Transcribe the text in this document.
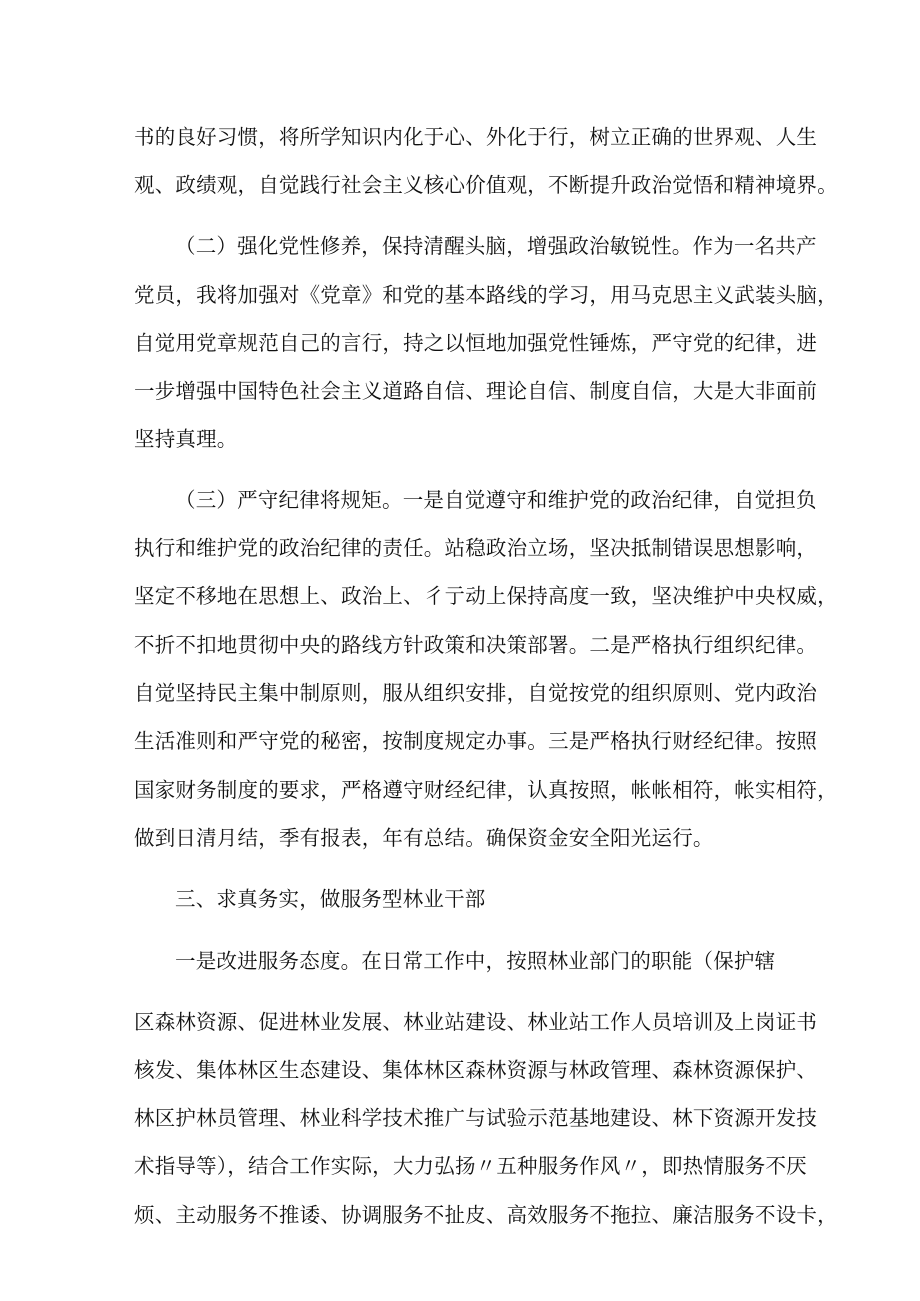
书的良好习惯，将所学知识内化于心、外化于行，树立正确的世界观、人生
观、政绩观，自觉践行社会主义核心价值观，不断提升政治觉悟和精神境界。
（二）强化党性修养，保持清醒头脑，增强政治敏锐性。作为一名共产
党员，我将加强对《党章》和党的基本路线的学习，用马克思主义武装头脑，
自觉用党章规范自己的言行，持之以恒地加强党性锤炼，严守党的纪律，进
一步增强中国特色社会主义道路自信、理论自信、制度自信，大是大非面前
坚持真理。
（三）严守纪律将规矩。一是自觉遵守和维护党的政治纪律，自觉担负
执行和维护党的政治纪律的责任。站稳政治立场，坚决抵制错误思想影响，
坚定不移地在思想上、政治上、彳亍动上保持高度一致，坚决维护中央权威，
不折不扣地贯彻中央的路线方针政策和决策部署。二是严格执行组织纪律。
自觉坚持民主集中制原则，服从组织安排，自觉按党的组织原则、党内政治
生活准则和严守党的秘密，按制度规定办事。三是严格执行财经纪律。按照
国家财务制度的要求，严格遵守财经纪律，认真按照，帐帐相符，帐实相符，
做到日清月结，季有报表，年有总结。确保资金安全阳光运行。
三、求真务实，做服务型林业干部
一是改进服务态度。在日常工作中，按照林业部门的职能（保护辖
区森林资源、促进林业发展、林业站建设、林业站工作人员培训及上岗证书
核发、集体林区生态建设、集体林区森林资源与林政管理、森林资源保护、
林区护林员管理、林业科学技术推广与试验示范基地建设、林下资源开发技
术指导等），结合工作实际，大力弘扬〃五种服务作风〃，即热情服务不厌
烦、主动服务不推诿、协调服务不扯皮、高效服务不拖拉、廉洁服务不设卡，
